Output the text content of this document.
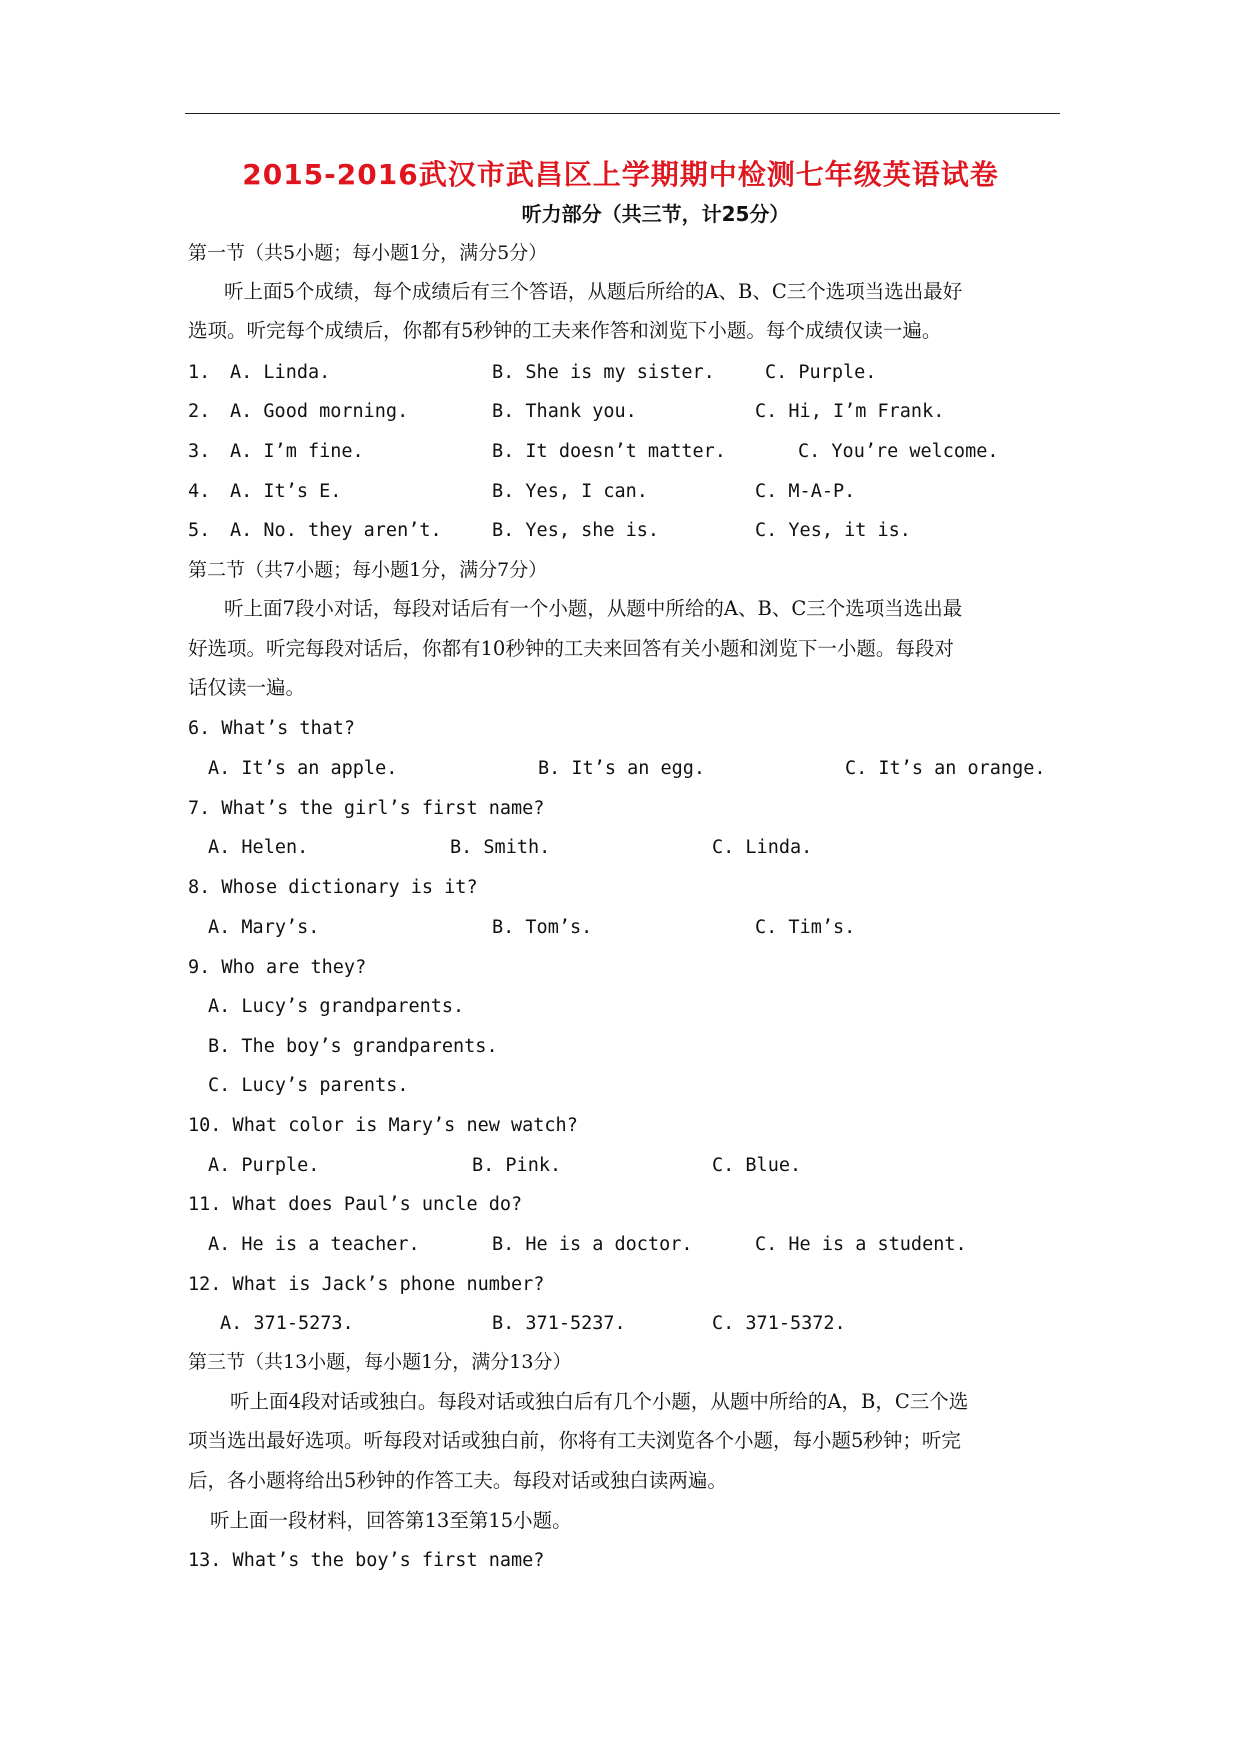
2015-2016武汉市武昌区上学期期中检测七年级英语试卷
听力部分（共三节，计25分）
第一节（共5小题；每小题1分，满分5分）
听上面5个成绩，每个成绩后有三个答语，从题后所给的A、B、C三个选项当选出最好
选项。听完每个成绩后，你都有5秒钟的工夫来作答和浏览下小题。每个成绩仅读一遍。
1. A. Linda.	B. She is my sister.	C. Purple.
2. A. Good morning.	B. Thank you.	C. Hi, I’m Frank.
3. A. I’m fine.	B. It doesn’t matter.	C. You’re welcome.
4. A. It’s E.	B. Yes, I can.	C. M-A-P.
5. A. No. they aren’t.	B. Yes, she is.	C. Yes, it is.
第二节（共7小题；每小题1分，满分7分）
听上面7段小对话，每段对话后有一个小题，从题中所给的A、B、C三个选项当选出最
好选项。听完每段对话后，你都有10秒钟的工夫来回答有关小题和浏览下一小题。每段对
话仅读一遍。
6. What’s that?
A. It’s an apple.	B. It’s an egg.	C. It’s an orange.
7. What’s the girl’s first name?
A. Helen.	B. Smith.	C. Linda.
8. Whose dictionary is it?
A. Mary’s.	B. Tom’s.	C. Tim’s.
9. Who are they?
A. Lucy’s grandparents.
B. The boy’s grandparents.
C. Lucy’s parents.
10. What color is Mary’s new watch?
A. Purple.	B. Pink.	C. Blue.
11. What does Paul’s uncle do?
A. He is a teacher.	B. He is a doctor.	C. He is a student.
12. What is Jack’s phone number?
A. 371-5273.	B. 371-5237.	C. 371-5372.
第三节（共13小题，每小题1分，满分13分）
听上面4段对话或独白。每段对话或独白后有几个小题，从题中所给的A，B，C三个选
项当选出最好选项。听每段对话或独白前，你将有工夫浏览各个小题，每小题5秒钟；听完
后，各小题将给出5秒钟的作答工夫。每段对话或独白读两遍。
听上面一段材料，回答第13至第15小题。
13. What’s the boy’s first name?
